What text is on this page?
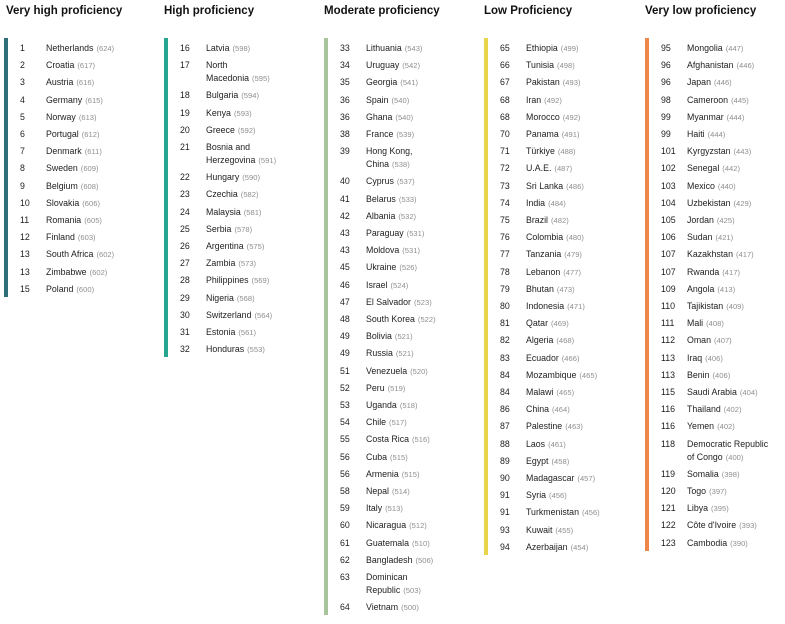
Very high proficiency
1 Netherlands (624)
2 Croatia (617)
3 Austria (616)
4 Germany (615)
5 Norway (613)
6 Portugal (612)
7 Denmark (611)
8 Sweden (609)
9 Belgium (608)
10 Slovakia (606)
11 Romania (605)
12 Finland (603)
13 South Africa (602)
13 Zimbabwe (602)
15 Poland (600)
High proficiency
16 Latvia (598)
17 North
Macedonia (595)
18 Bulgaria (594)
19 Kenya (593)
20 Greece (592)
21 Bosnia and
Herzegovina (591)
22 Hungary (590)
23 Czechia (582)
24 Malaysia (581)
25 Serbia (578)
26 Argentina (575)
27 Zambia (573)
28 Philippines (569)
29 Nigeria (568)
30 Switzerland (564)
31 Estonia (561)
32 Honduras (553)
Moderate proficiency
33 Lithuania (543)
34 Uruguay (542)
35 Georgia (541)
36 Spain (540)
36 Ghana (540)
38 France (539)
39 Hong Kong,
China (538)
40 Cyprus (537)
41 Belarus (533)
42 Albania (532)
43 Paraguay (531)
43 Moldova (531)
45 Ukraine (526)
46 Israel (524)
47 El Salvador (523)
48 South Korea (522)
49 Bolivia (521)
49 Russia (521)
51 Venezuela (520)
52 Peru (519)
53 Uganda (518)
54 Chile (517)
55 Costa Rica (516)
56 Cuba (515)
56 Armenia (515)
58 Nepal (514)
59 Italy (513)
60 Nicaragua (512)
61 Guatemala (510)
62 Bangladesh (506)
63 Dominican
Republic (503)
64 Vietnam (500)
Low Proficiency
65 Ethiopia (499)
66 Tunisia (498)
67 Pakistan (493)
68 Iran (492)
68 Morocco (492)
70 Panama (491)
71 Türkiye (488)
72 U.A.E. (487)
73 Sri Lanka (486)
74 India (484)
75 Brazil (482)
76 Colombia (480)
77 Tanzania (479)
78 Lebanon (477)
79 Bhutan (473)
80 Indonesia (471)
81 Qatar (469)
82 Algeria (468)
83 Ecuador (466)
84 Mozambique (465)
84 Malawi (465)
86 China (464)
87 Palestine (463)
88 Laos (461)
89 Egypt (458)
90 Madagascar (457)
91 Syria (456)
91 Turkmenistan (456)
93 Kuwait (455)
94 Azerbaijan (454)
Very low proficiency
95 Mongolia (447)
96 Afghanistan (446)
96 Japan (446)
98 Cameroon (445)
99 Myanmar (444)
99 Haiti (444)
101 Kyrgyzstan (443)
102 Senegal (442)
103 Mexico (440)
104 Uzbekistan (429)
105 Jordan (425)
106 Sudan (421)
107 Kazakhstan (417)
107 Rwanda (417)
109 Angola (413)
110 Tajikistan (409)
111 Mali (408)
112 Oman (407)
113 Iraq (406)
113 Benin (406)
115 Saudi Arabia (404)
116 Thailand (402)
116 Yemen (402)
118 Democratic Republic
of Congo (400)
119 Somalia (398)
120 Togo (397)
121 Libya (395)
122 Côte d'Ivoire (393)
123 Cambodia (390)
